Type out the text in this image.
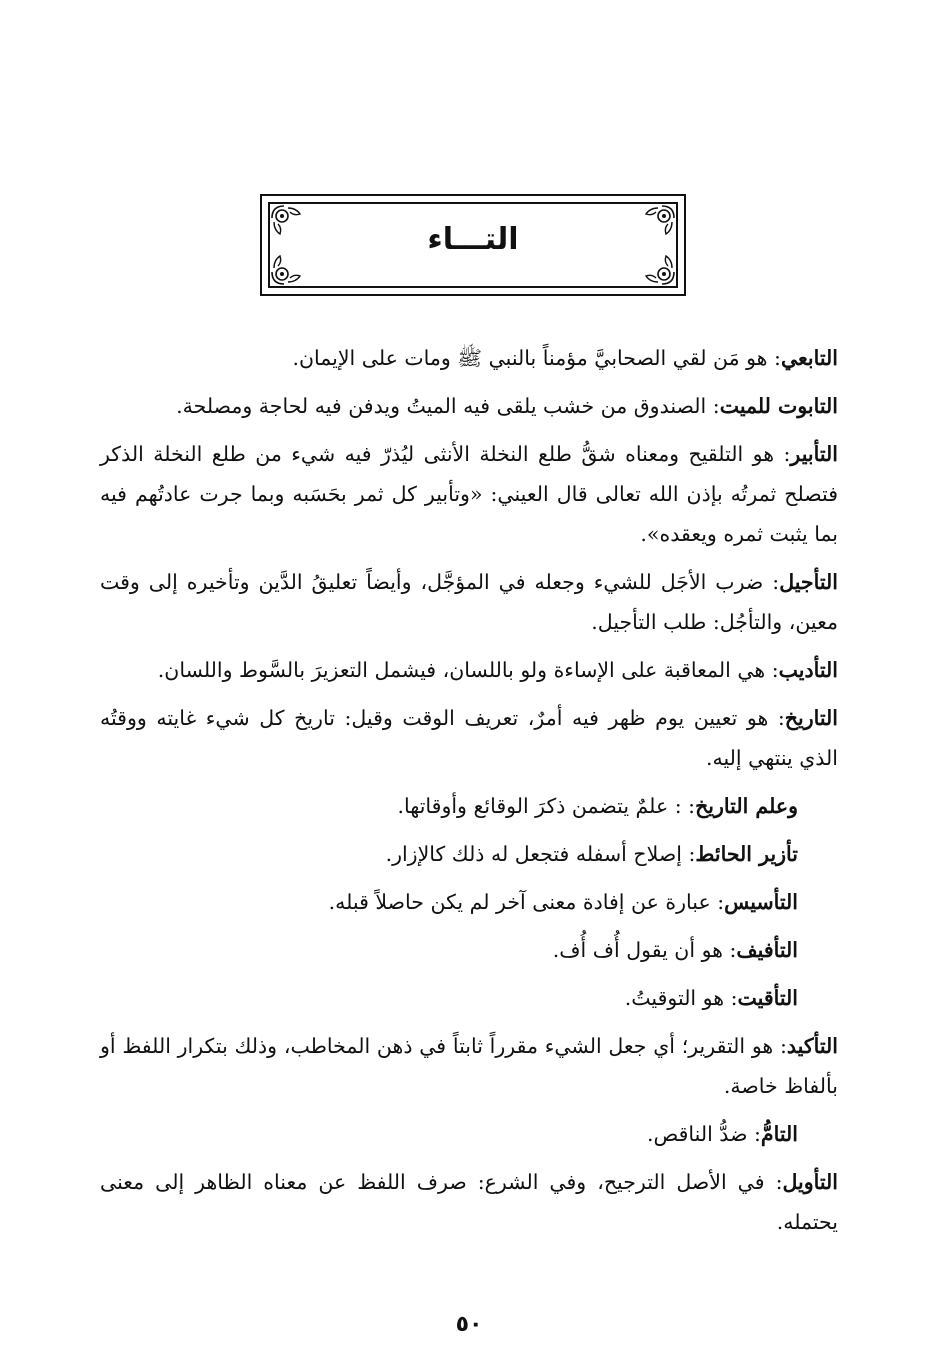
التـــاء

التابعي: هو مَن لقي الصحابيَّ مؤمناً بالنبي ﷺ ومات على الإيمان.

التابوت للميت: الصندوق من خشب يلقى فيه الميتُ ويدفن فيه لحاجة ومصلحة.

التأبير: هو التلقيح ومعناه شقُّ طلع النخلة الأنثى ليُذرّ فيه شيء من طلع النخلة الذكر فتصلح ثمرتُه بإذن الله تعالى قال العيني: «وتأبير كل ثمر بحَسَبه وبما جرت عادتُهم فيه بما يثبت ثمره ويعقده».

التأجيل: ضرب الأجَل للشيء وجعله في المؤجَّل، وأيضاً تعليقُ الدَّين وتأخيره إلى وقت معين، والتأجُل: طلب التأجيل.

التأديب: هي المعاقبة على الإساءة ولو باللسان، فيشمل التعزيرَ بالسَّوط واللسان.

التاريخ: هو تعيين يوم ظهر فيه أمرٌ، تعريف الوقت وقيل: تاريخ كل شيء غايته ووقتُه الذي ينتهي إليه.

وعلم التاريخ: : علمٌ يتضمن ذكرَ الوقائع وأوقاتها.

تأزير الحائط: إصلاح أسفله فتجعل له ذلك كالإزار.

التأسيس: عبارة عن إفادة معنى آخر لم يكن حاصلاً قبله.

التأفيف: هو أن يقول أُف أُف.

التأقيت: هو التوقيتُ.

التأكيد: هو التقرير؛ أي جعل الشيء مقرراً ثابتاً في ذهن المخاطب، وذلك بتكرار اللفظ أو بألفاظ خاصة.

التامُّ: ضدُّ الناقص.

التأويل: في الأصل الترجيح، وفي الشرع: صرف اللفظ عن معناه الظاهر إلى معنى يحتمله.

٥٠
